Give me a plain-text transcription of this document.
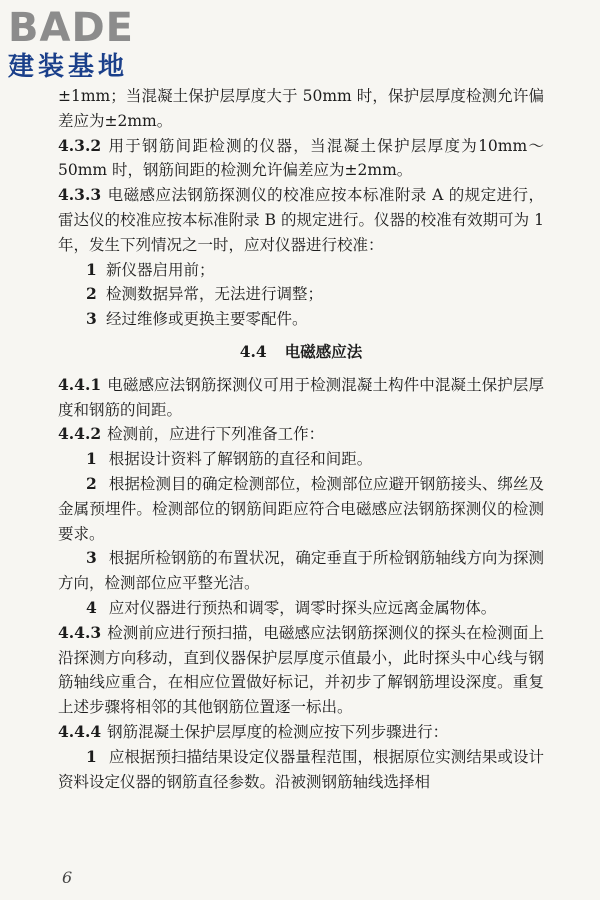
BADE
建装基地

±1mm；当混凝土保护层厚度大于 50mm 时，保护层厚度检测允许偏差应为±2mm。

4.3.2 用于钢筋间距检测的仪器，当混凝土保护层厚度为10mm～50mm 时，钢筋间距的检测允许偏差应为±2mm。

4.3.3 电磁感应法钢筋探测仪的校准应按本标准附录 A 的规定进行，雷达仪的校准应按本标准附录 B 的规定进行。仪器的校准有效期可为 1 年，发生下列情况之一时，应对仪器进行校准：

1 新仪器启用前；

2 检测数据异常，无法进行调整；

3 经过维修或更换主要零配件。

4.4 电磁感应法

4.4.1 电磁感应法钢筋探测仪可用于检测混凝土构件中混凝土保护层厚度和钢筋的间距。

4.4.2 检测前，应进行下列准备工作：

1 根据设计资料了解钢筋的直径和间距。

2 根据检测目的确定检测部位，检测部位应避开钢筋接头、绑丝及金属预埋件。检测部位的钢筋间距应符合电磁感应法钢筋探测仪的检测要求。

3 根据所检钢筋的布置状况，确定垂直于所检钢筋轴线方向为探测方向，检测部位应平整光洁。

4 应对仪器进行预热和调零，调零时探头应远离金属物体。

4.4.3 检测前应进行预扫描，电磁感应法钢筋探测仪的探头在检测面上沿探测方向移动，直到仪器保护层厚度示值最小，此时探头中心线与钢筋轴线应重合，在相应位置做好标记，并初步了解钢筋埋设深度。重复上述步骤将相邻的其他钢筋位置逐一标出。

4.4.4 钢筋混凝土保护层厚度的检测应按下列步骤进行：

1 应根据预扫描结果设定仪器量程范围，根据原位实测结果或设计资料设定仪器的钢筋直径参数。沿被测钢筋轴线选择相

6
